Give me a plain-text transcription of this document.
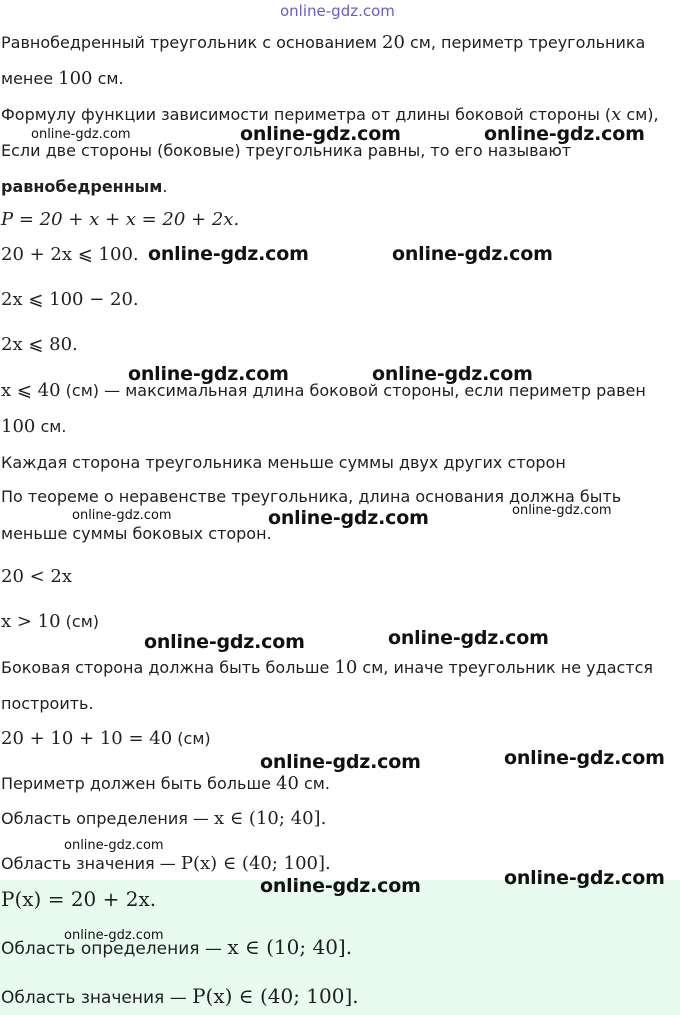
online-gdz.com
Равнобедренный треугольник с основанием 20 см, периметр треугольника
менее 100 см.
Формулу функции зависимости периметра от длины боковой стороны (x см),
Если две стороны (боковые) треугольника равны, то его называют
равнобедренным.
P = 20 + x + x = 20 + 2x.
20 + 2x ⩽ 100.
2x ⩽ 100 − 20.
2x ⩽ 80.
x ⩽ 40 (см) — максимальная длина боковой стороны, если периметр равен
100 см.
Каждая сторона треугольника меньше суммы двух других сторон
По теореме о неравенстве треугольника, длина основания должна быть
меньше суммы боковых сторон.
20 < 2x
x > 10 (см)
Боковая сторона должна быть больше 10 см, иначе треугольник не удастся
построить.
20 + 10 + 10 = 40 (см)
Периметр должен быть больше 40 см.
Область определения — x ∈ (10; 40].
Область значения — P(x) ∈ (40; 100].
P(x) = 20 + 2x.
Область определения — x ∈ (10; 40].
Область значения — P(x) ∈ (40; 100].
online-gdz.com	online-gdz.com	online-gdz.com
online-gdz.com	online-gdz.com
online-gdz.com	online-gdz.com
online-gdz.com	online-gdz.com	online-gdz.com
online-gdz.com	online-gdz.com
online-gdz.com	online-gdz.com
online-gdz.com
online-gdz.com	online-gdz.com
online-gdz.com
